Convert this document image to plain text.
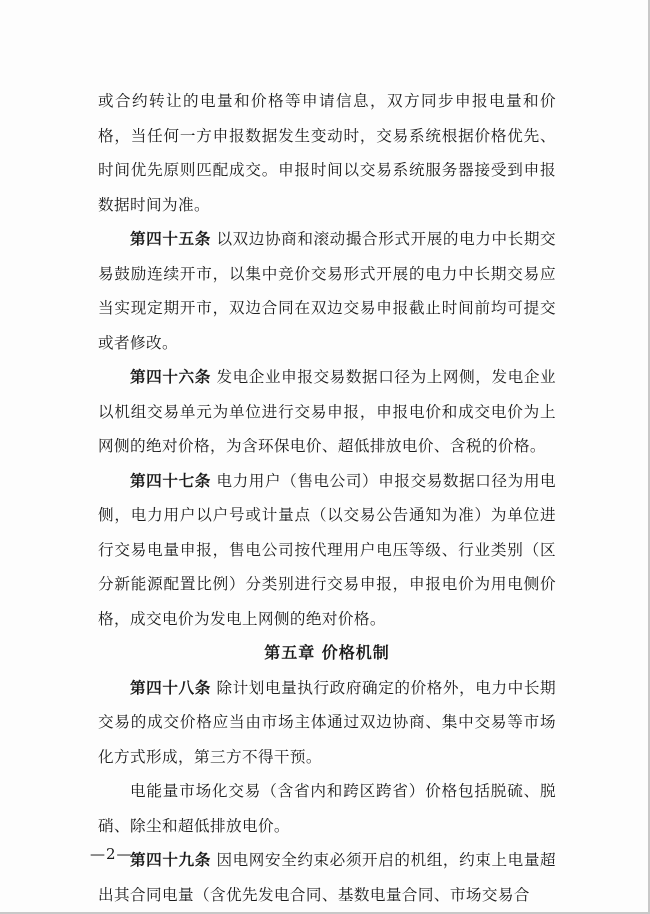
或合约转让的电量和价格等申请信息，双方同步申报电量和价格，当任何一方申报数据发生变动时，交易系统根据价格优先、时间优先原则匹配成交。申报时间以交易系统服务器接受到申报数据时间为准。

第四十五条 以双边协商和滚动撮合形式开展的电力中长期交易鼓励连续开市，以集中竞价交易形式开展的电力中长期交易应当实现定期开市，双边合同在双边交易申报截止时间前均可提交或者修改。

第四十六条 发电企业申报交易数据口径为上网侧，发电企业以机组交易单元为单位进行交易申报，申报电价和成交电价为上网侧的绝对价格，为含环保电价、超低排放电价、含税的价格。

第四十七条 电力用户（售电公司）申报交易数据口径为用电侧，电力用户以户号或计量点（以交易公告通知为准）为单位进行交易电量申报，售电公司按代理用户电压等级、行业类别（区分新能源配置比例）分类别进行交易申报，申报电价为用电侧价格，成交电价为发电上网侧的绝对价格。

第五章 价格机制

第四十八条 除计划电量执行政府确定的价格外，电力中长期交易的成交价格应当由市场主体通过双边协商、集中交易等市场化方式形成，第三方不得干预。

电能量市场化交易（含省内和跨区跨省）价格包括脱硫、脱硝、除尘和超低排放电价。

第四十九条 因电网安全约束必须开启的机组，约束上电量超出其合同电量（含优先发电合同、基数电量合同、市场交易合

—2—
